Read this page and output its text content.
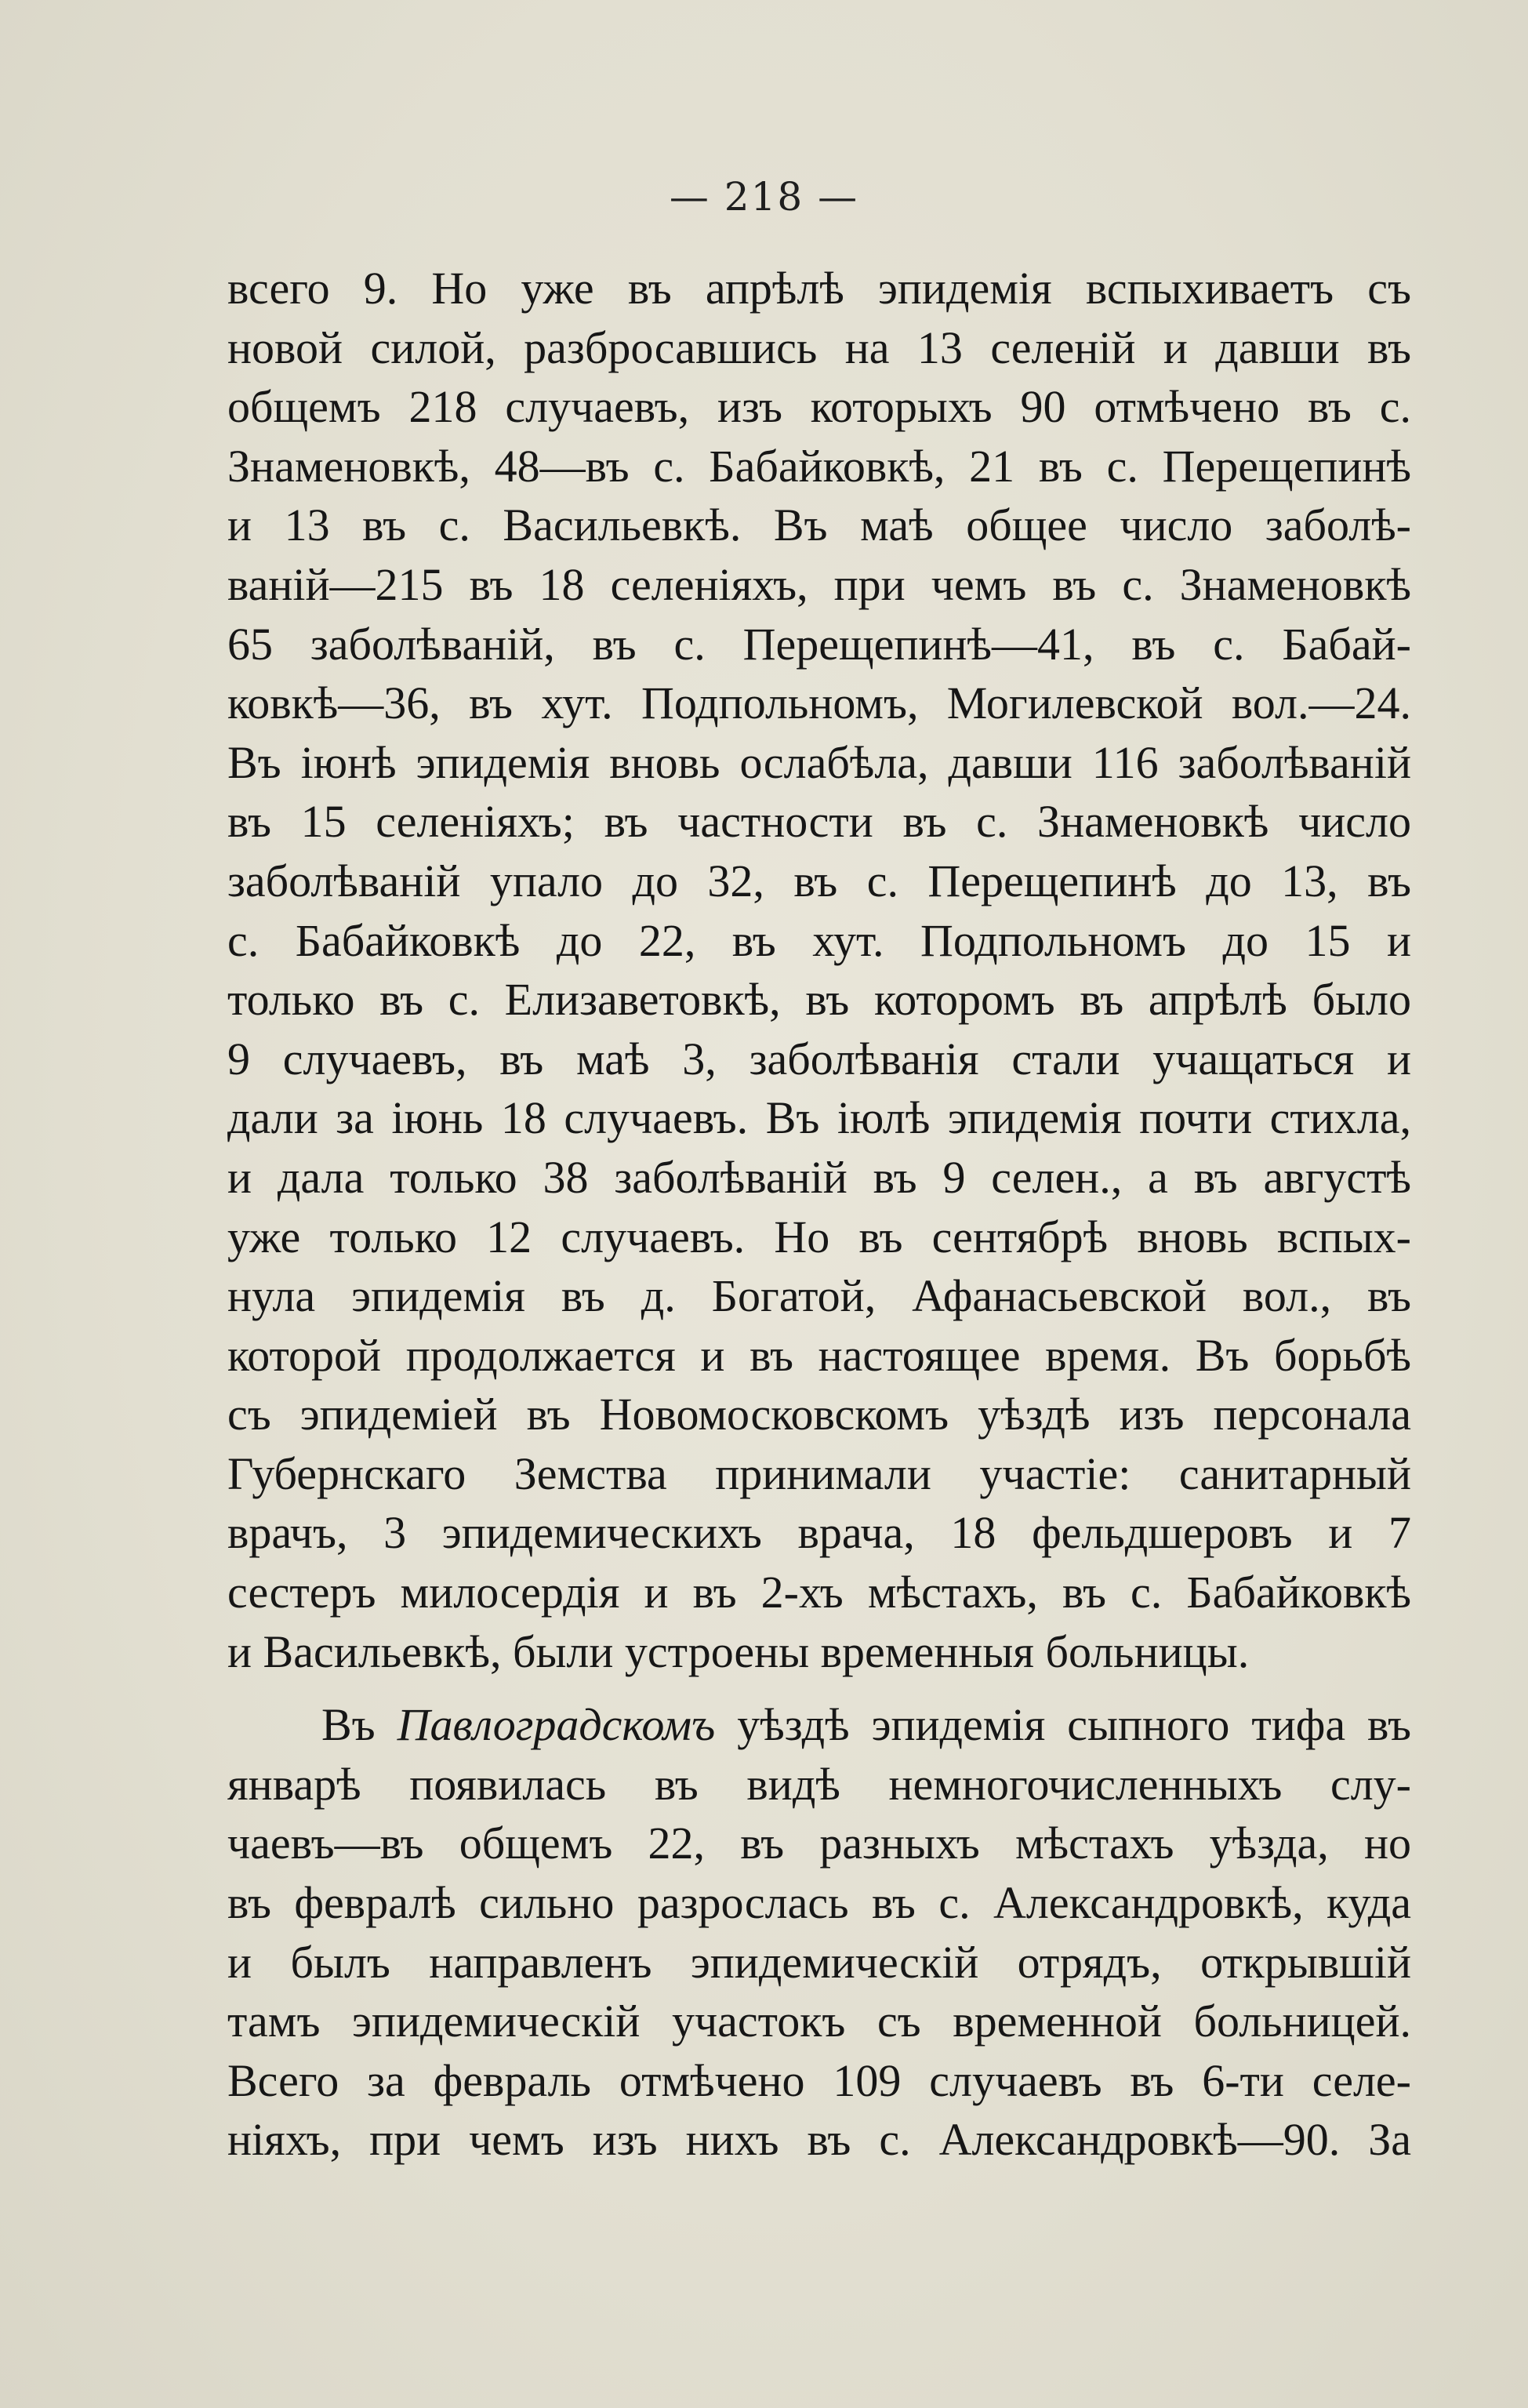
— 218 —
всего 9. Но уже въ апрѣлѣ эпидемія вспыхиваетъ съ
новой силой, разбросавшись на 13 селеній и давши въ
общемъ 218 случаевъ, изъ которыхъ 90 отмѣчено въ с.
Знаменовкѣ, 48—въ с. Бабайковкѣ, 21 въ с. Перещепинѣ
и 13 въ с. Васильевкѣ. Въ маѣ общее число заболѣ-
ваній—215 въ 18 селеніяхъ, при чемъ въ с. Знаменовкѣ
65 заболѣваній, въ с. Перещепинѣ—41, въ с. Бабай-
ковкѣ—36, въ хут. Подпольномъ, Могилевской вол.—24.
Въ іюнѣ эпидемія вновь ослабѣла, давши 116 заболѣваній
въ 15 селеніяхъ; въ частности въ с. Знаменовкѣ число
заболѣваній упало до 32, въ с. Перещепинѣ до 13, въ
с. Бабайковкѣ до 22, въ хут. Подпольномъ до 15 и
только въ с. Елизаветовкѣ, въ которомъ въ апрѣлѣ было
9 случаевъ, въ маѣ 3, заболѣванія стали учащаться и
дали за іюнь 18 случаевъ. Въ іюлѣ эпидемія почти стихла,
и дала только 38 заболѣваній въ 9 селен., а въ августѣ
уже только 12 случаевъ. Но въ сентябрѣ вновь вспых-
нула эпидемія въ д. Богатой, Афанасьевской вол., въ
которой продолжается и въ настоящее время. Въ борьбѣ
съ эпидеміей въ Новомосковскомъ уѣздѣ изъ персонала
Губернскаго Земства принимали участіе: санитарный
врачъ, 3 эпидемическихъ врача, 18 фельдшеровъ и 7
сестеръ милосердія и въ 2-хъ мѣстахъ, въ с. Бабайковкѣ
и Васильевкѣ, были устроены временныя больницы.
Въ Павлоградскомъ уѣздѣ эпидемія сыпного тифа въ
январѣ появилась въ видѣ немногочисленныхъ слу-
чаевъ—въ общемъ 22, въ разныхъ мѣстахъ уѣзда, но
въ февралѣ сильно разрослась въ с. Александровкѣ, куда
и былъ направленъ эпидемическій отрядъ, открывшій
тамъ эпидемическій участокъ съ временной больницей.
Всего за февраль отмѣчено 109 случаевъ въ 6-ти селе-
ніяхъ, при чемъ изъ нихъ въ с. Александровкѣ—90. За
